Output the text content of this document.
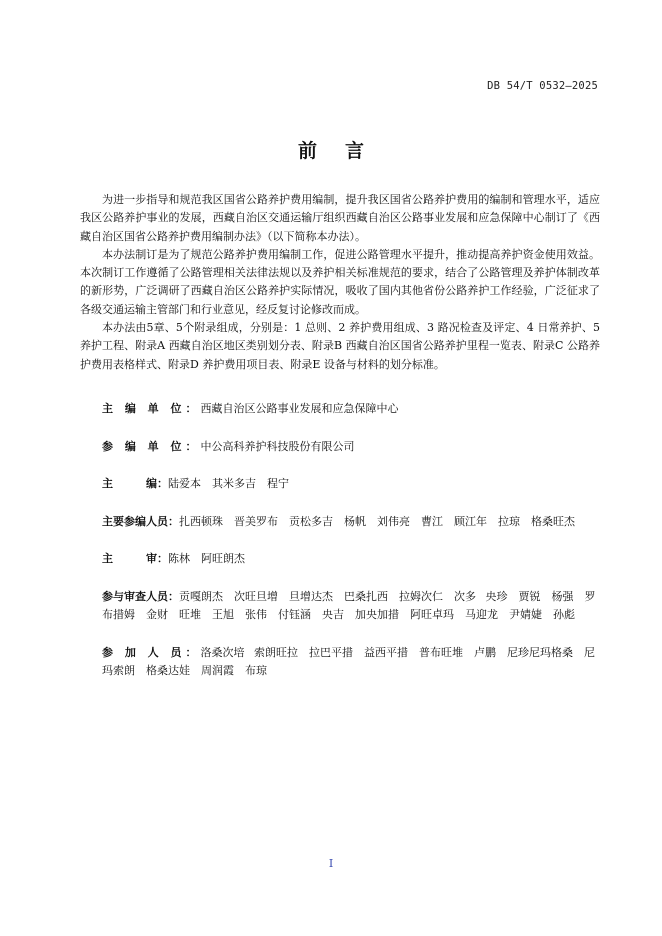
DB 54/T 0532—2025
前言

为进一步指导和规范我区国省公路养护费用编制，提升我区国省公路养护费用的编制和管理水平，适应我区公路养护事业的发展，西藏自治区交通运输厅组织西藏自治区公路事业发展和应急保障中心制订了《西藏自治区国省公路养护费用编制办法》（以下简称本办法）。

本办法制订是为了规范公路养护费用编制工作，促进公路管理水平提升，推动提高养护资金使用效益。本次制订工作遵循了公路管理相关法律法规以及养护相关标准规范的要求，结合了公路管理及养护体制改革的新形势，广泛调研了西藏自治区公路养护实际情况，吸收了国内其他省份公路养护工作经验，广泛征求了各级交通运输主管部门和行业意见，经反复讨论修改而成。

本办法由5章、5个附录组成，分别是：1 总则、2 养护费用组成、3 路况检查及评定、4 日常养护、5 养护工程、附录A 西藏自治区地区类别划分表、附录B 西藏自治区国省公路养护里程一览表、附录C 公路养护费用表格样式、附录D 养护费用项目表、附录E 设备与材料的划分标准。

主 编 单 位：西藏自治区公路事业发展和应急保障中心
参 编 单 位：中公高科养护科技股份有限公司
主　　　编：陆爱本　其米多吉　程宁
主要参编人员：扎西顿珠　晋美罗布　贡松多吉　杨帆　刘伟亮　曹江　顾江年　拉琼　格桑旺杰
主　　　审：陈林　阿旺朗杰
参与审查人员：贡嘎朗杰　次旺旦增　旦增达杰　巴桑扎西　拉姆次仁　次多 央珍　贾锐　杨强　罗布措姆　金财　旺堆　王旭　张伟　付钰涵　央吉　加央加措　阿旺卓玛　马迎龙　尹婧婕　孙彪
参 加 人 员：洛桑次培 索朗旺拉　拉巴平措　益西平措　普布旺堆　卢鹏　尼珍尼玛格桑　尼玛索朗　格桑达娃　周润霞　布琼
I
